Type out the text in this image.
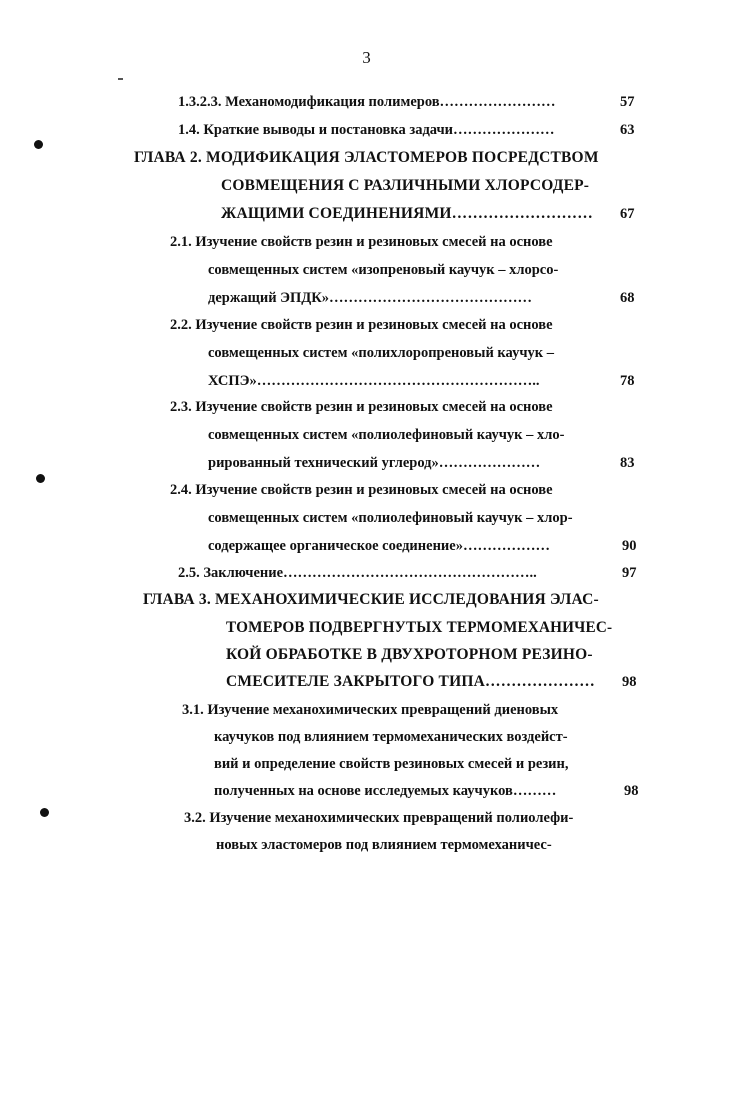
3
1.3.2.3. Механомодификация полимеров……………………	57
1.4. Краткие выводы и постановка задачи…………………	63
ГЛАВА 2. МОДИФИКАЦИЯ ЭЛАСТОМЕРОВ ПОСРЕДСТВОМ
СОВМЕЩЕНИЯ С РАЗЛИЧНЫМИ ХЛОРСОДЕР-
ЖАЩИМИ СОЕДИНЕНИЯМИ……………………… 67
2.1. Изучение свойств резин и резиновых смесей на основе
совмещенных систем «изопреновый каучук – хлорсо-
держащий ЭПДК»……………………………………	68
2.2. Изучение свойств резин и резиновых смесей на основе
совмещенных систем «полихлоропреновый каучук –
ХСПЭ»…………………………………………………..	78
2.3. Изучение свойств резин и резиновых смесей на основе
совмещенных систем «полиолефиновый каучук – хло-
рированный технический углерод»…………………	83
2.4. Изучение свойств резин и резиновых смесей на основе
совмещенных систем «полиолефиновый каучук – хлор-
содержащее органическое соединение»………………	90
2.5. Заключение……………………………………………..	97
ГЛАВА 3. МЕХАНОХИМИЧЕСКИЕ ИССЛЕДОВАНИЯ ЭЛАС-
ТОМЕРОВ ПОДВЕРГНУТЫХ ТЕРМОМЕХАНИЧЕС-
КОЙ ОБРАБОТКЕ В ДВУХРОТОРНОМ РЕЗИНО-
СМЕСИТЕЛЕ ЗАКРЫТОГО ТИПА………………… 98
3.1. Изучение механохимических превращений диеновых
каучуков под влиянием термомеханических воздейст-
вий и определение свойств резиновых смесей и резин,
полученных на основе исследуемых каучуков………	98
3.2. Изучение механохимических превращений полиолефи-
новых эластомеров под влиянием термомеханичес-
